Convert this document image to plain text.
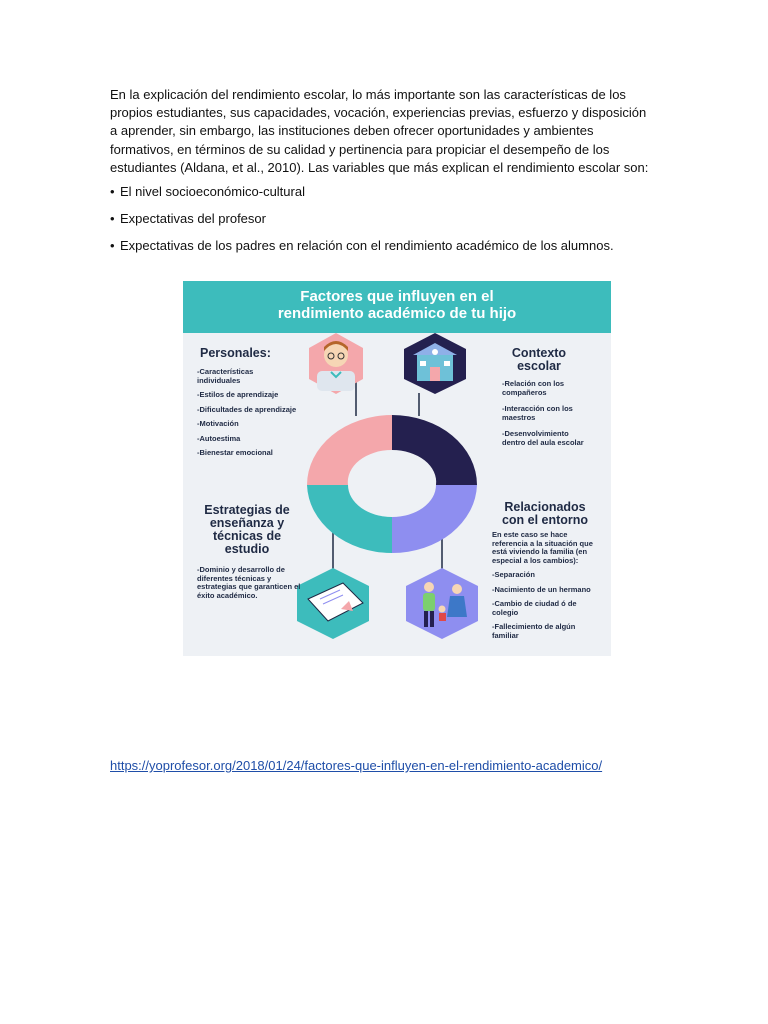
En la explicación del rendimiento escolar, lo más importante son las características de los propios estudiantes, sus capacidades, vocación, experiencias previas, esfuerzo y disposición a aprender, sin embargo, las instituciones deben ofrecer oportunidades y ambientes formativos, en términos de su calidad y pertinencia para propiciar el desempeño de los estudiantes (Aldana, et al., 2010). Las variables que más explican el rendimiento escolar son:

• El nivel socioeconómico-cultural
• Expectativas del profesor
• Expectativas de los padres en relación con el rendimiento académico de los alumnos.
Factores que influyen en el
rendimiento académico de tu hijo
Personales:
-Características individuales
-Estilos de aprendizaje
-Dificultades de aprendizaje
-Motivación
-Autoestima
-Bienestar emocional
Contexto
escolar
-Relación con los compañeros
-Interacción con los maestros
-Desenvolvimiento dentro del aula escolar
Estrategias de
enseñanza y
técnicas de
estudio

-Dominio y desarrollo de diferentes técnicas y estrategias que garanticen el éxito académico.

Relacionados
con el entorno

En este caso se hace referencia a la situación que está viviendo la familia (en especial a los cambios):

-Separación
-Nacimiento de un hermano
-Cambio de ciudad ó de colegio
-Fallecimiento de algún familiar
https://yoprofesor.org/2018/01/24/factores-que-influyen-en-el-rendimiento-academico/
